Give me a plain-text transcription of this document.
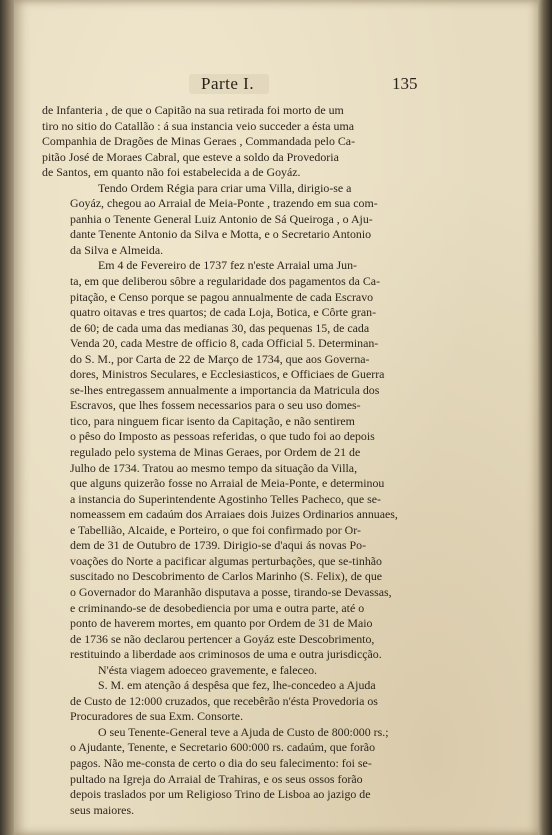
Parte I.	135
de Infanteria , de que o Capitão na sua retirada foi morto de um
tiro no sitio do Catallão : á sua instancia veio succeder a ésta uma
Companhia de Dragões de Minas Geraes , Commandada pelo Ca-
pitão José de Moraes Cabral, que esteve a soldo da Provedoria
de Santos, em quanto não foi estabelecida a de Goyáz.
Tendo Ordem Régia para criar uma Villa, dirigio-se a
Goyáz, chegou ao Arraial de Meia-Ponte , trazendo em sua com-
panhia o Tenente General Luiz Antonio de Sá Queiroga , o Aju-
dante Tenente Antonio da Silva e Motta, e o Secretario Antonio
da Silva e Almeida.
Em 4 de Fevereiro de 1737 fez n'este Arraial uma Jun-
ta, em que deliberou sôbre a regularidade dos pagamentos da Ca-
pitação, e Censo porque se pagou annualmente de cada Escravo
quatro oitavas e tres quartos; de cada Loja, Botica, e Côrte gran-
de 60; de cada uma das medianas 30, das pequenas 15, de cada
Venda 20, cada Mestre de officio 8, cada Official 5. Determinan-
do S. M., por Carta de 22 de Março de 1734, que aos Governa-
dores, Ministros Seculares, e Ecclesiasticos, e Officiaes de Guerra
se-lhes entregassem annualmente a importancia da Matricula dos
Escravos, que lhes fossem necessarios para o seu uso domes-
tico, para ninguem ficar isento da Capitação, e não sentirem
o pêso do Imposto as pessoas referidas, o que tudo foi ao depois
regulado pelo systema de Minas Geraes, por Ordem de 21 de
Julho de 1734. Tratou ao mesmo tempo da situação da Villa,
que alguns quizerão fosse no Arraial de Meia-Ponte, e determinou
a instancia do Superintendente Agostinho Telles Pacheco, que se-
nomeassem em cadaúm dos Arraiaes dois Juizes Ordinarios annuaes,
e Tabellião, Alcaide, e Porteiro, o que foi confirmado por Or-
dem de 31 de Outubro de 1739. Dirigio-se d'aqui ás novas Po-
voações do Norte a pacificar algumas perturbações, que se-tinhão
suscitado no Descobrimento de Carlos Marinho (S. Felix), de que
o Governador do Maranhão disputava a posse, tirando-se Devassas,
e criminando-se de desobediencia por uma e outra parte, até o
ponto de haverem mortes, em quanto por Ordem de 31 de Maio
de 1736 se não declarou pertencer a Goyáz este Descobrimento,
restituindo a liberdade aos criminosos de uma e outra jurisdicção.
N'ésta viagem adoeceo gravemente, e faleceo.
S. M. em atenção á despêsa que fez, lhe-concedeo a Ajuda
de Custo de 12:000 cruzados, que recebêrão n'ésta Provedoria os
Procuradores de sua Exm. Consorte.
O seu Tenente-General teve a Ajuda de Custo de 800:000 rs.;
o Ajudante, Tenente, e Secretario 600:000 rs. cadaúm, que forão
pagos. Não me-consta de certo o dia do seu falecimento: foi se-
pultado na Igreja do Arraial de Trahiras, e os seus ossos forão
depois traslados por um Religioso Trino de Lisboa ao jazigo de
seus maiores.
